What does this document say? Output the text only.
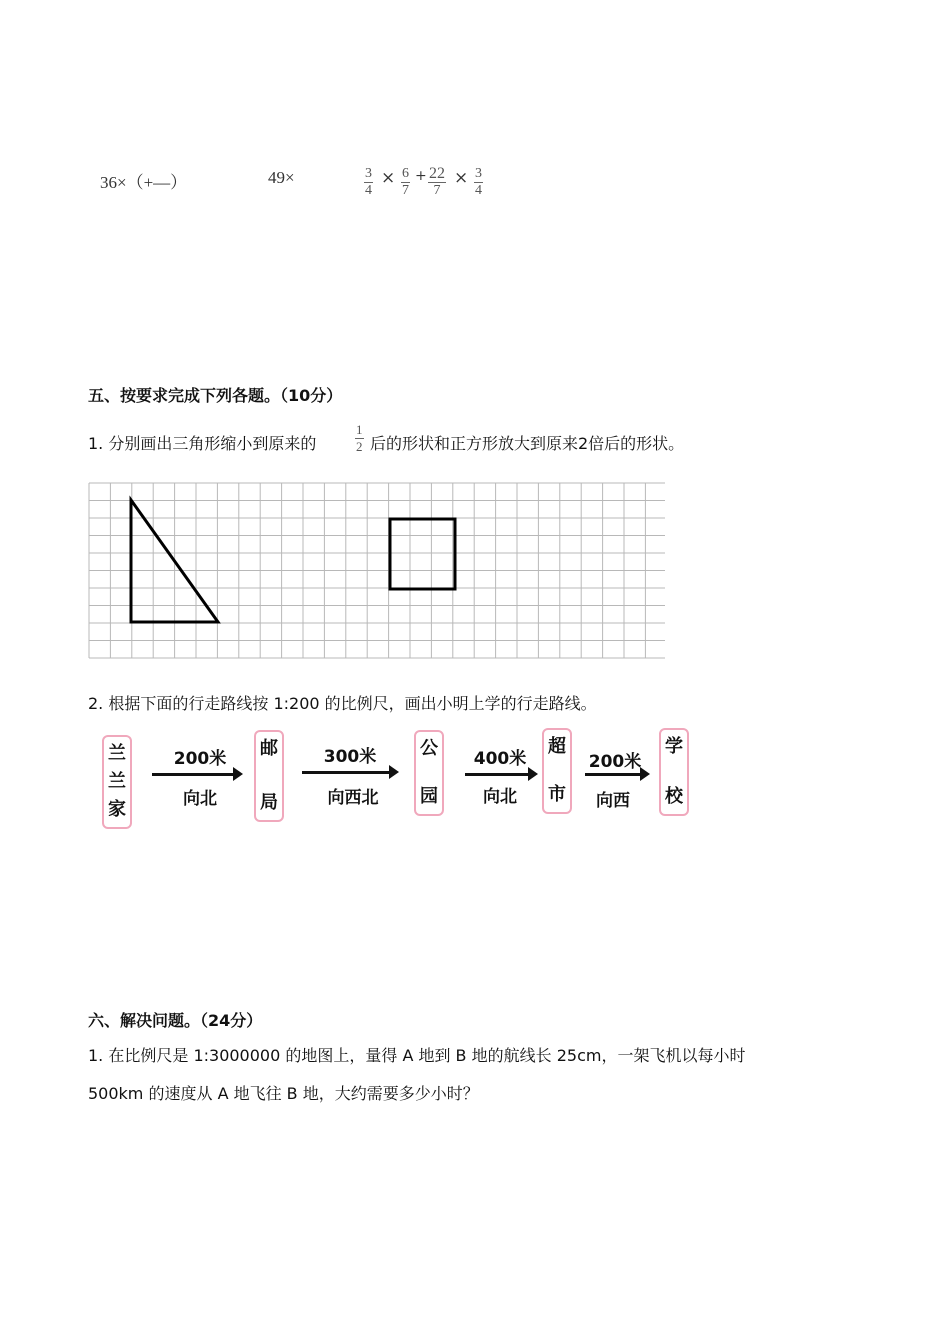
36×（+—）	49×	$\frac{3}{4} \times \frac{6}{7} + \frac{22}{7} \times \frac{3}{4}$
五、按要求完成下列各题。（10分）
1. 分别画出三角形缩小到原来的	$\frac{1}{2}$ 后的形状和正方形放大到原来2倍后的形状。
2. 根据下面的行走路线按 1:200 的比例尺，画出小明上学的行走路线。
兰
兰
家
200米
向北
邮
局
300米
向西北
公
园
400米
向北
超
市
200米
向西
学
校
六、解决问题。（24分）
1. 在比例尺是 1:3000000 的地图上，量得 A 地到 B 地的航线长 25cm，一架飞机以每小时
500km 的速度从 A 地飞往 B 地，大约需要多少小时？
